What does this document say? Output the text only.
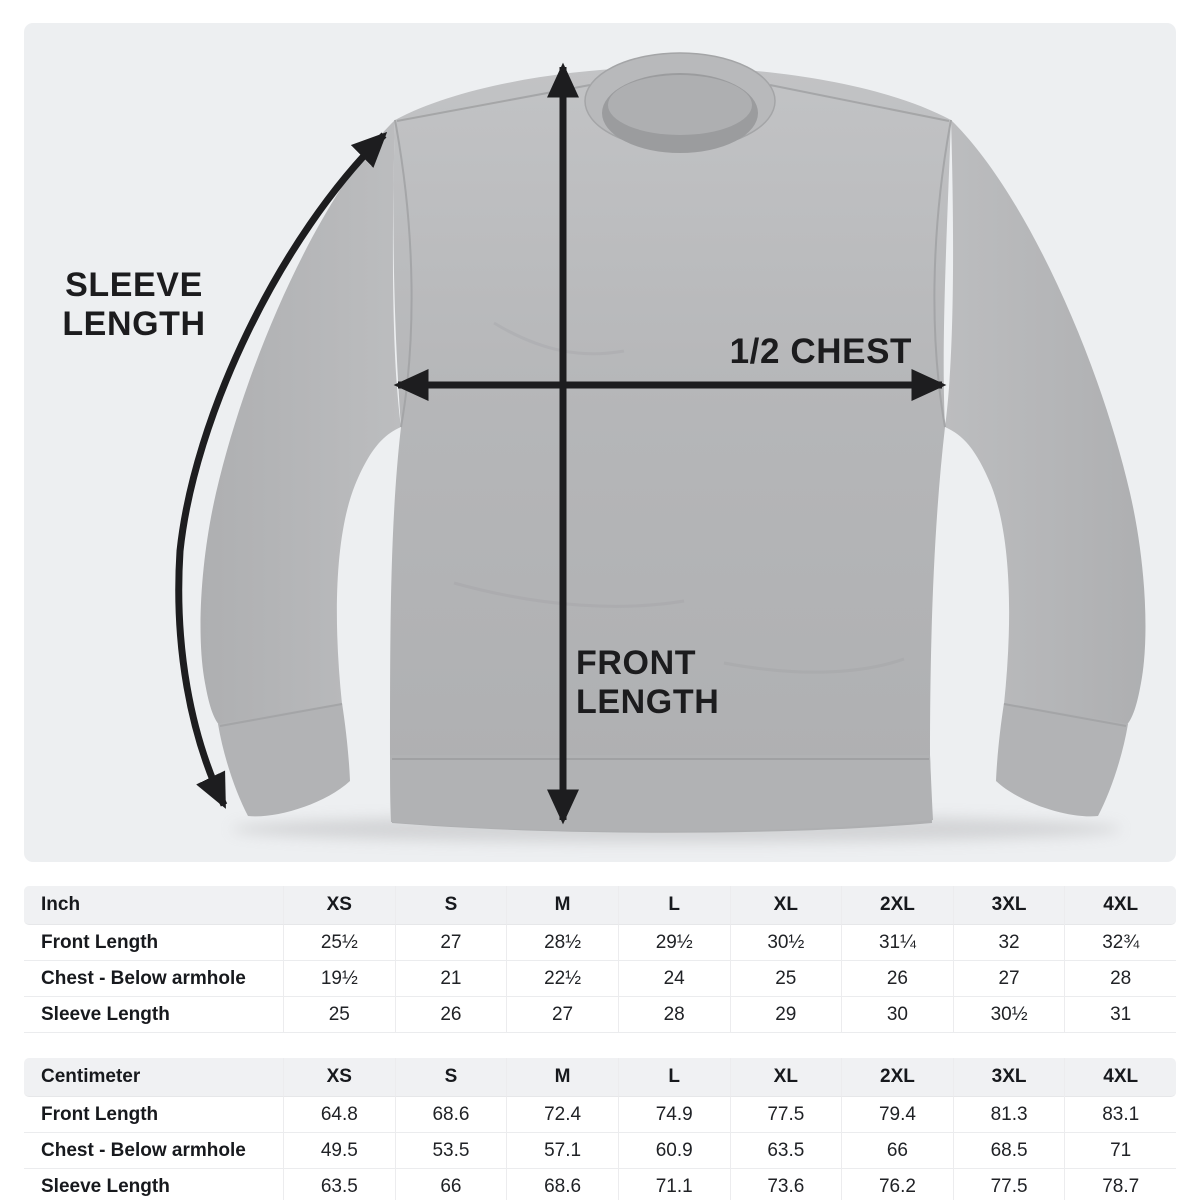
SLEEVE
LENGTH
1/2 CHEST
FRONT
LENGTH
Inch	XS	S	M	L	XL	2XL	3XL	4XL
Front Length	25½	27	28½	29½	30½	31¼	32	32¾
Chest - Below armhole	19½	21	22½	24	25	26	27	28
Sleeve Length	25	26	27	28	29	30	30½	31
Centimeter	XS	S	M	L	XL	2XL	3XL	4XL
Front Length	64.8	68.6	72.4	74.9	77.5	79.4	81.3	83.1
Chest - Below armhole	49.5	53.5	57.1	60.9	63.5	66	68.5	71
Sleeve Length	63.5	66	68.6	71.1	73.6	76.2	77.5	78.7
